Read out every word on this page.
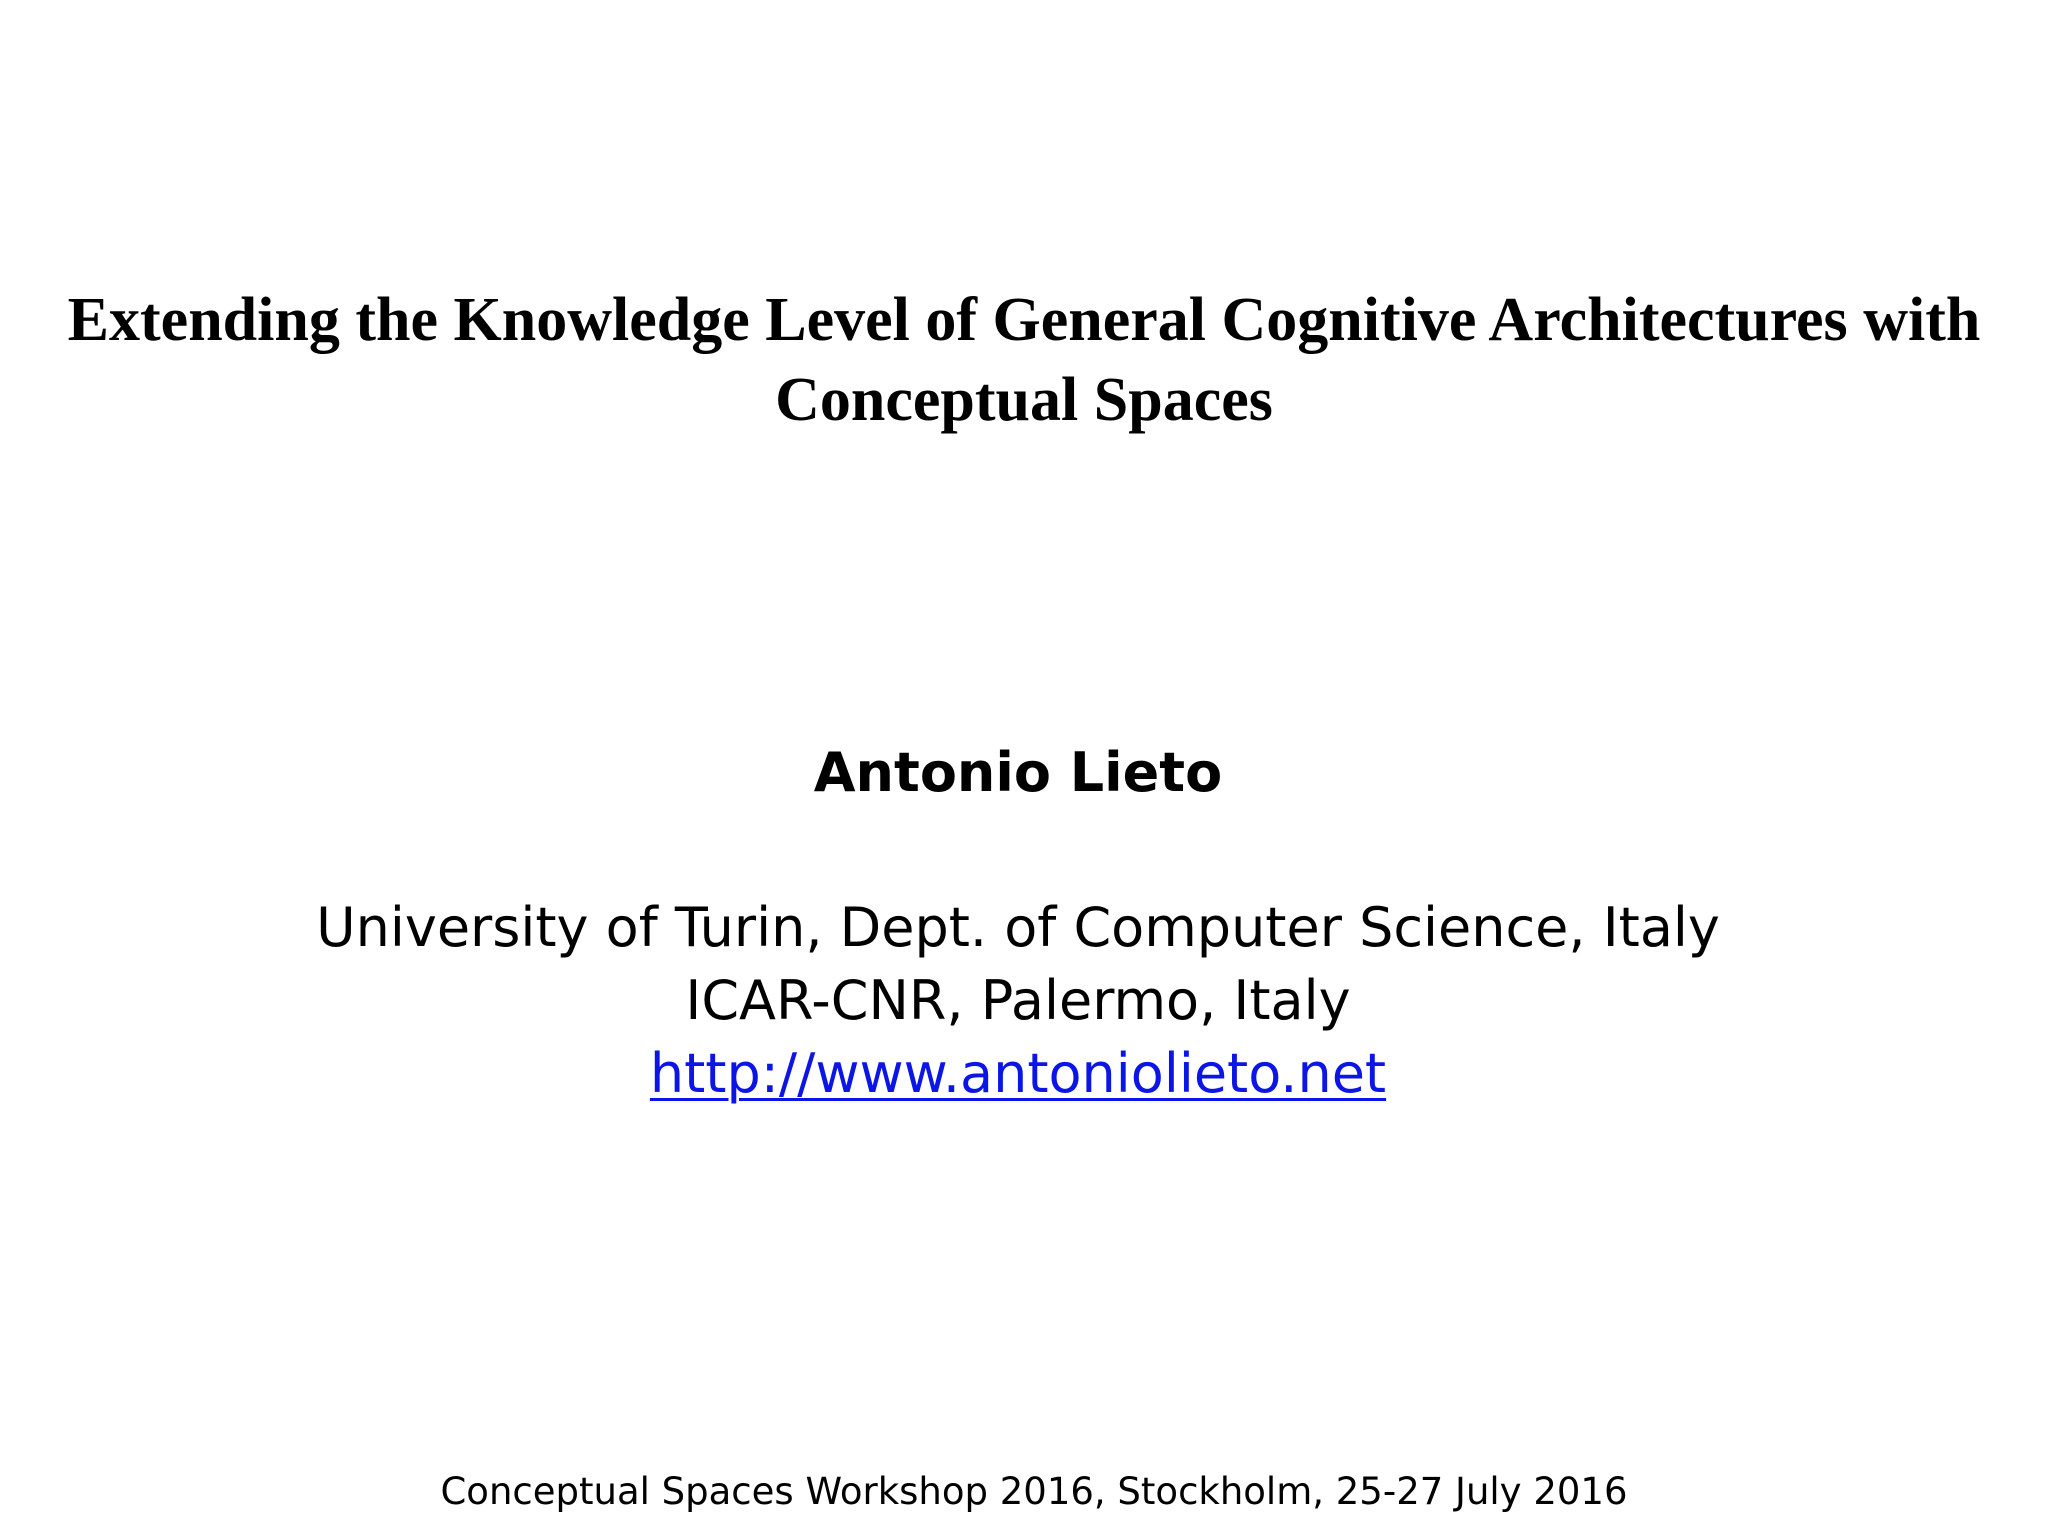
Extending the Knowledge Level of General Cognitive Architectures with
Conceptual Spaces
Antonio Lieto
University of Turin, Dept. of Computer Science, Italy
ICAR-CNR, Palermo, Italy
http://www.antoniolieto.net
Conceptual Spaces Workshop 2016, Stockholm, 25-27 July 2016
